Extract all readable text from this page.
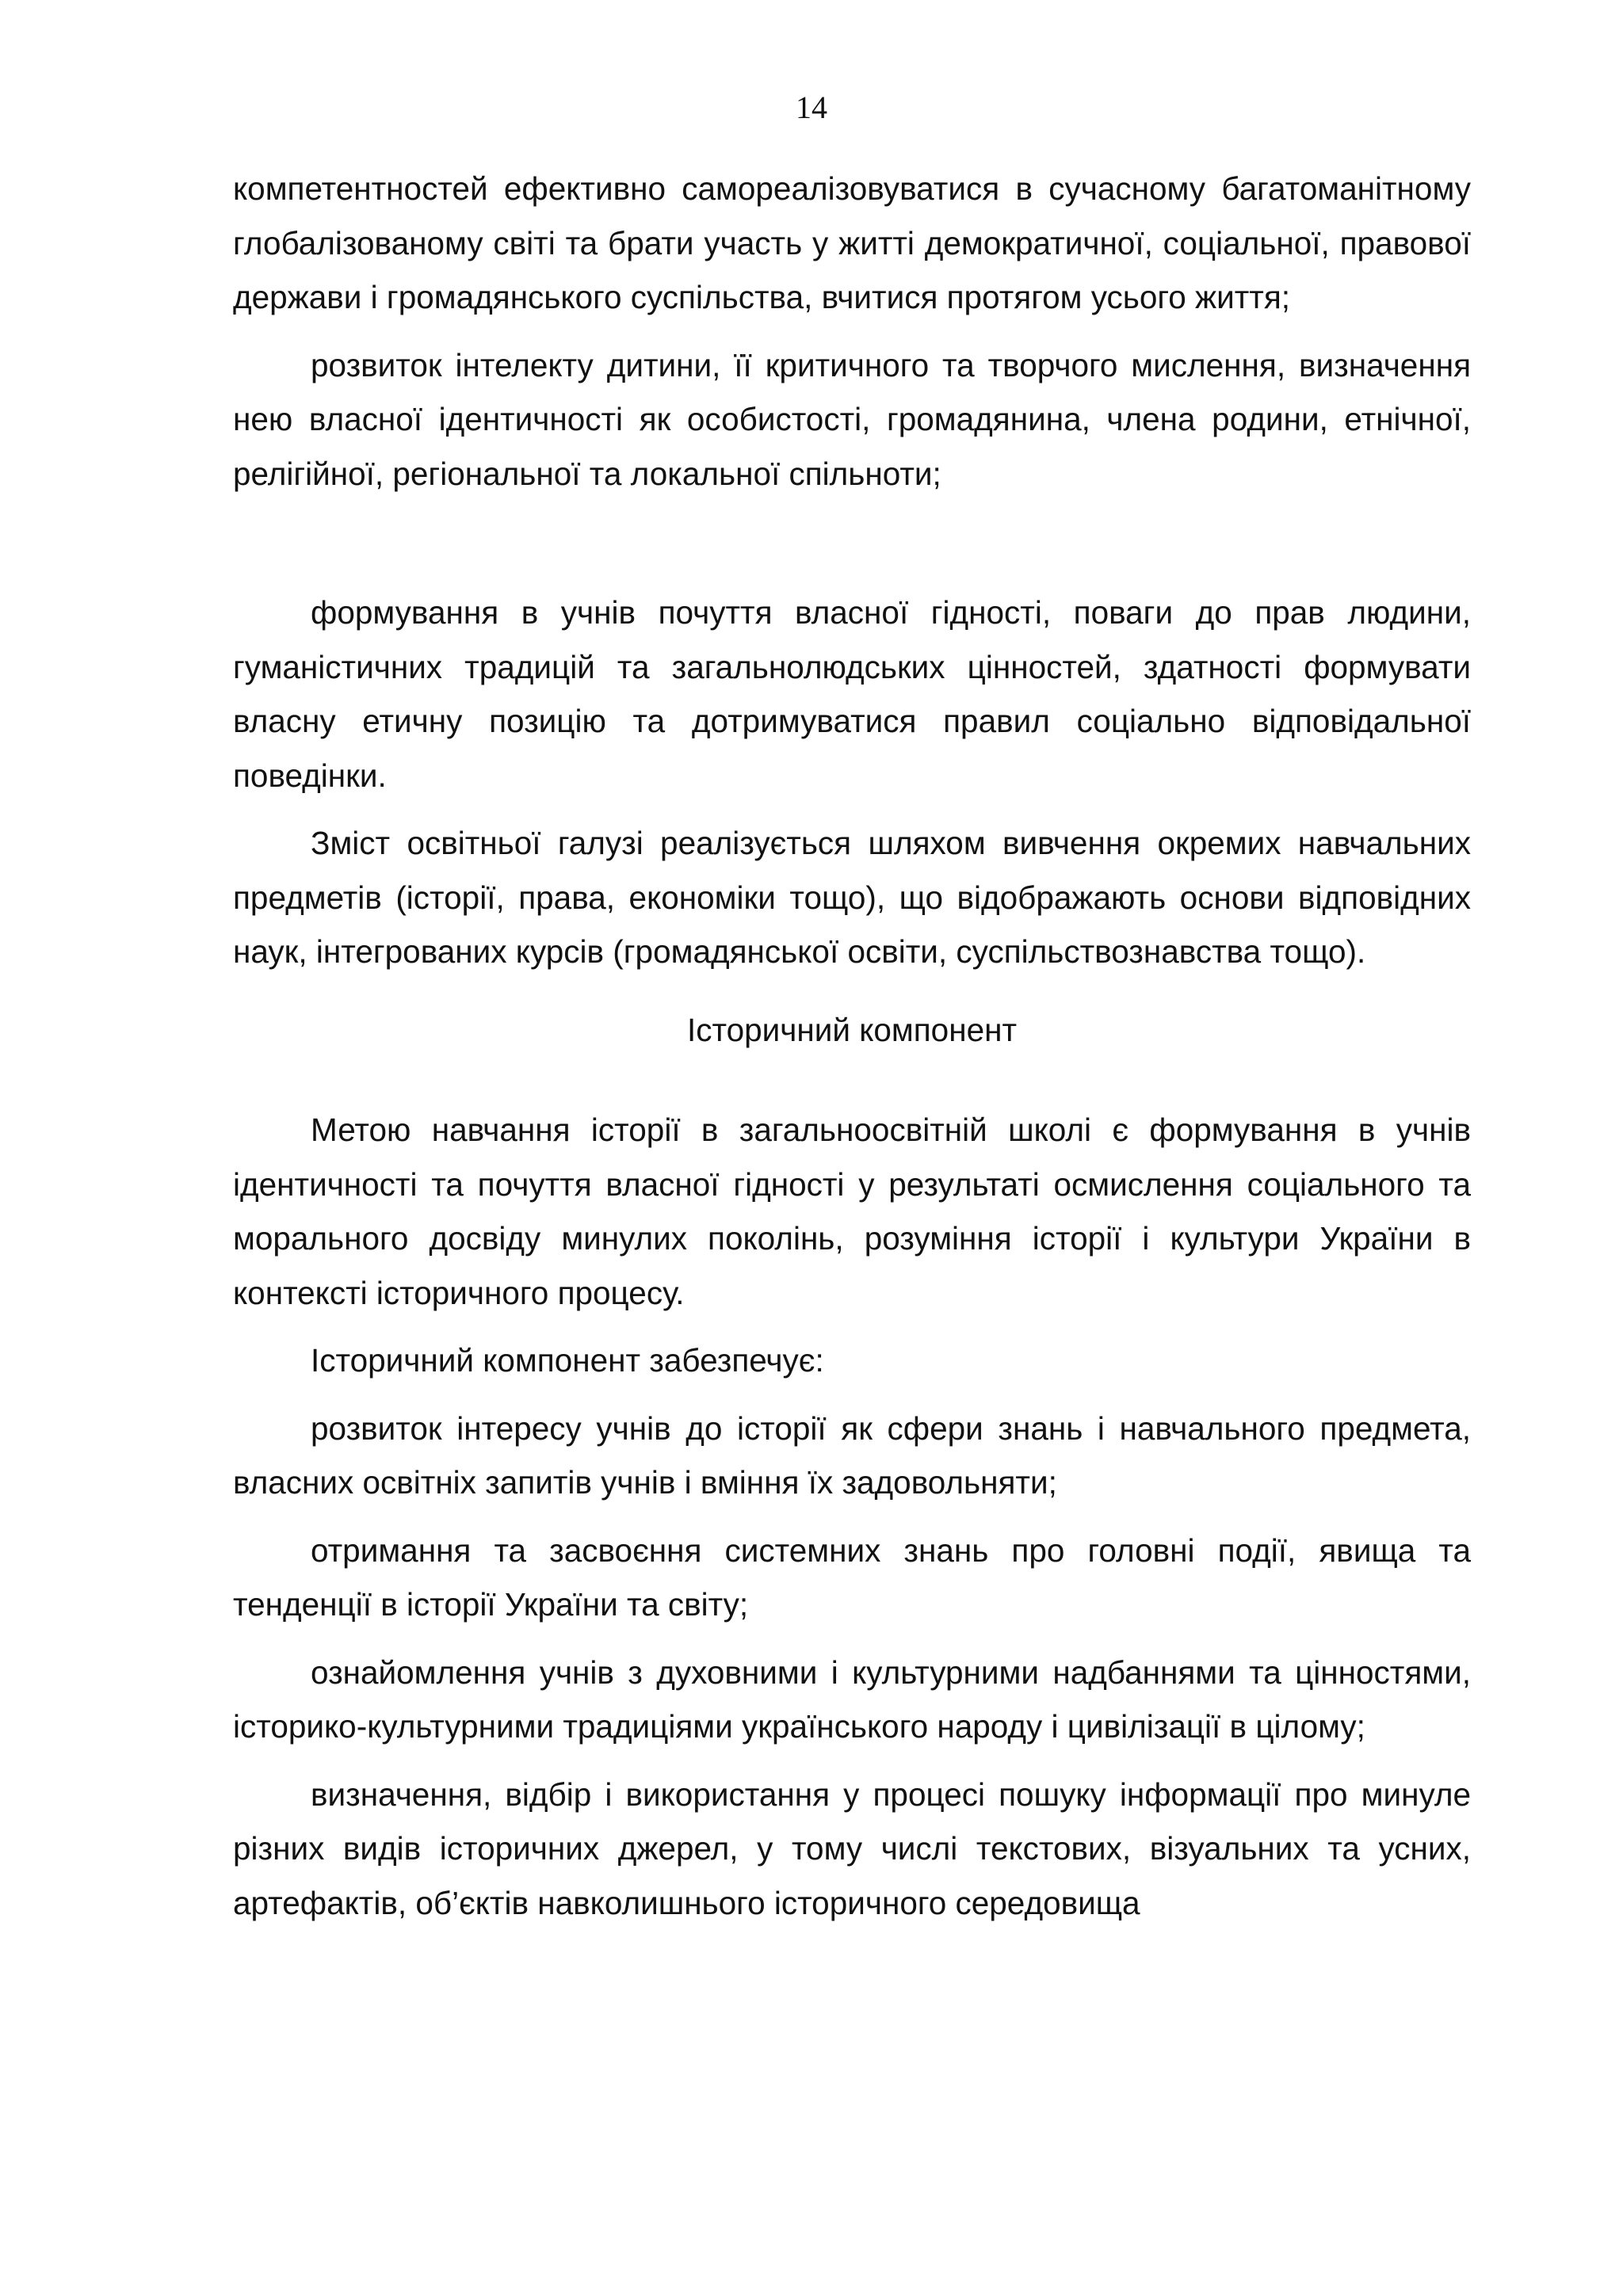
14

компетентностей ефективно самореалізовуватися в сучасному багатоманітному глобалізованому світі та брати участь у житті демократичної, соціальної, правової держави і громадянського суспільства, вчитися протягом усього життя;

розвиток інтелекту дитини, її критичного та творчого мислення, визначення нею власної ідентичності як особистості, громадянина, члена родини, етнічної, релігійної, регіональної та локальної спільноти;

формування в учнів почуття власної гідності, поваги до прав людини, гуманістичних традицій та загальнолюдських цінностей, здатності формувати власну етичну позицію та дотримуватися правил соціально відповідальної поведінки.

Зміст освітньої галузі реалізується шляхом вивчення окремих навчальних предметів (історії, права, економіки тощо), що відображають основи відповідних наук, інтегрованих курсів (громадянської освіти, суспільствознавства тощо).

Історичний компонент

Метою навчання історії в загальноосвітній школі є формування в учнів ідентичності та почуття власної гідності у результаті осмислення соціального та морального досвіду минулих поколінь, розуміння історії і культури України в контексті історичного процесу.

Історичний компонент забезпечує:

розвиток інтересу учнів до історії як сфери знань і навчального предмета, власних освітніх запитів учнів і вміння їх задовольняти;

отримання та засвоєння системних знань про головні події, явища та тенденції в історії України та світу;

ознайомлення учнів з духовними і культурними надбаннями та цінностями, історико-культурними традиціями українського народу і цивілізації в цілому;

визначення, відбір і використання у процесі пошуку інформації про минуле різних видів історичних джерел, у тому числі текстових, візуальних та усних, артефактів, об’єктів навколишнього історичного середовища
